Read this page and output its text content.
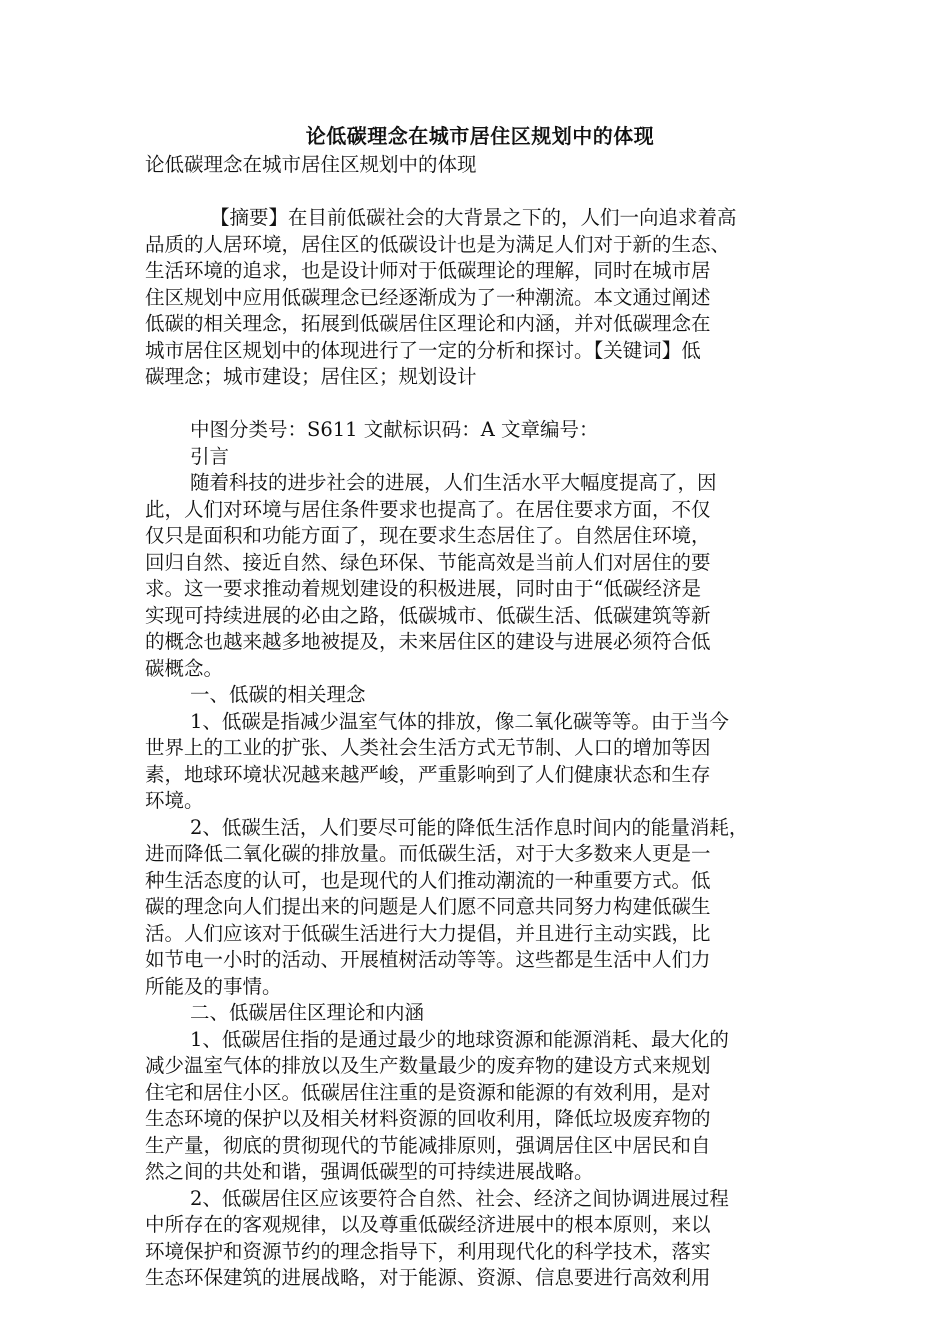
论低碳理念在城市居住区规划中的体现

论低碳理念在城市居住区规划中的体现

【摘要】在目前低碳社会的大背景之下的，人们一向追求着高

品质的人居环境，居住区的低碳设计也是为满足人们对于新的生态、

生活环境的追求，也是设计师对于低碳理论的理解，同时在城市居

住区规划中应用低碳理念已经逐渐成为了一种潮流。本文通过阐述

低碳的相关理念，拓展到低碳居住区理论和内涵，并对低碳理念在

城市居住区规划中的体现进行了一定的分析和探讨。【关键词】低

碳理念；城市建设；居住区；规划设计

中图分类号：S611 文献标识码：A 文章编号：

引言

随着科技的进步社会的进展，人们生活水平大幅度提高了，因

此，人们对环境与居住条件要求也提高了。在居住要求方面，不仅

仅只是面积和功能方面了，现在要求生态居住了。自然居住环境，

回归自然、接近自然、绿色环保、节能高效是当前人们对居住的要

求。这一要求推动着规划建设的积极进展，同时由于“低碳经济是

实现可持续进展的必由之路，低碳城市、低碳生活、低碳建筑等新

的概念也越来越多地被提及，未来居住区的建设与进展必须符合低

碳概念。

一、低碳的相关理念

1、低碳是指减少温室气体的排放，像二氧化碳等等。由于当今

世界上的工业的扩张、人类社会生活方式无节制、人口的增加等因

素，地球环境状况越来越严峻，严重影响到了人们健康状态和生存

环境。

2、低碳生活，人们要尽可能的降低生活作息时间内的能量消耗，

进而降低二氧化碳的排放量。而低碳生活，对于大多数来人更是一

种生活态度的认可，也是现代的人们推动潮流的一种重要方式。低

碳的理念向人们提出来的问题是人们愿不同意共同努力构建低碳生

活。人们应该对于低碳生活进行大力提倡，并且进行主动实践，比

如节电一小时的活动、开展植树活动等等。这些都是生活中人们力

所能及的事情。

二、低碳居住区理论和内涵

1、低碳居住指的是通过最少的地球资源和能源消耗、最大化的

减少温室气体的排放以及生产数量最少的废弃物的建设方式来规划

住宅和居住小区。低碳居住注重的是资源和能源的有效利用，是对

生态环境的保护以及相关材料资源的回收利用，降低垃圾废弃物的

生产量，彻底的贯彻现代的节能减排原则，强调居住区中居民和自

然之间的共处和谐，强调低碳型的可持续进展战略。

2、低碳居住区应该要符合自然、社会、经济之间协调进展过程

中所存在的客观规律，以及尊重低碳经济进展中的根本原则，来以

环境保护和资源节约的理念指导下，利用现代化的科学技术，落实

生态环保建筑的进展战略，对于能源、资源、信息要进行高效利用
